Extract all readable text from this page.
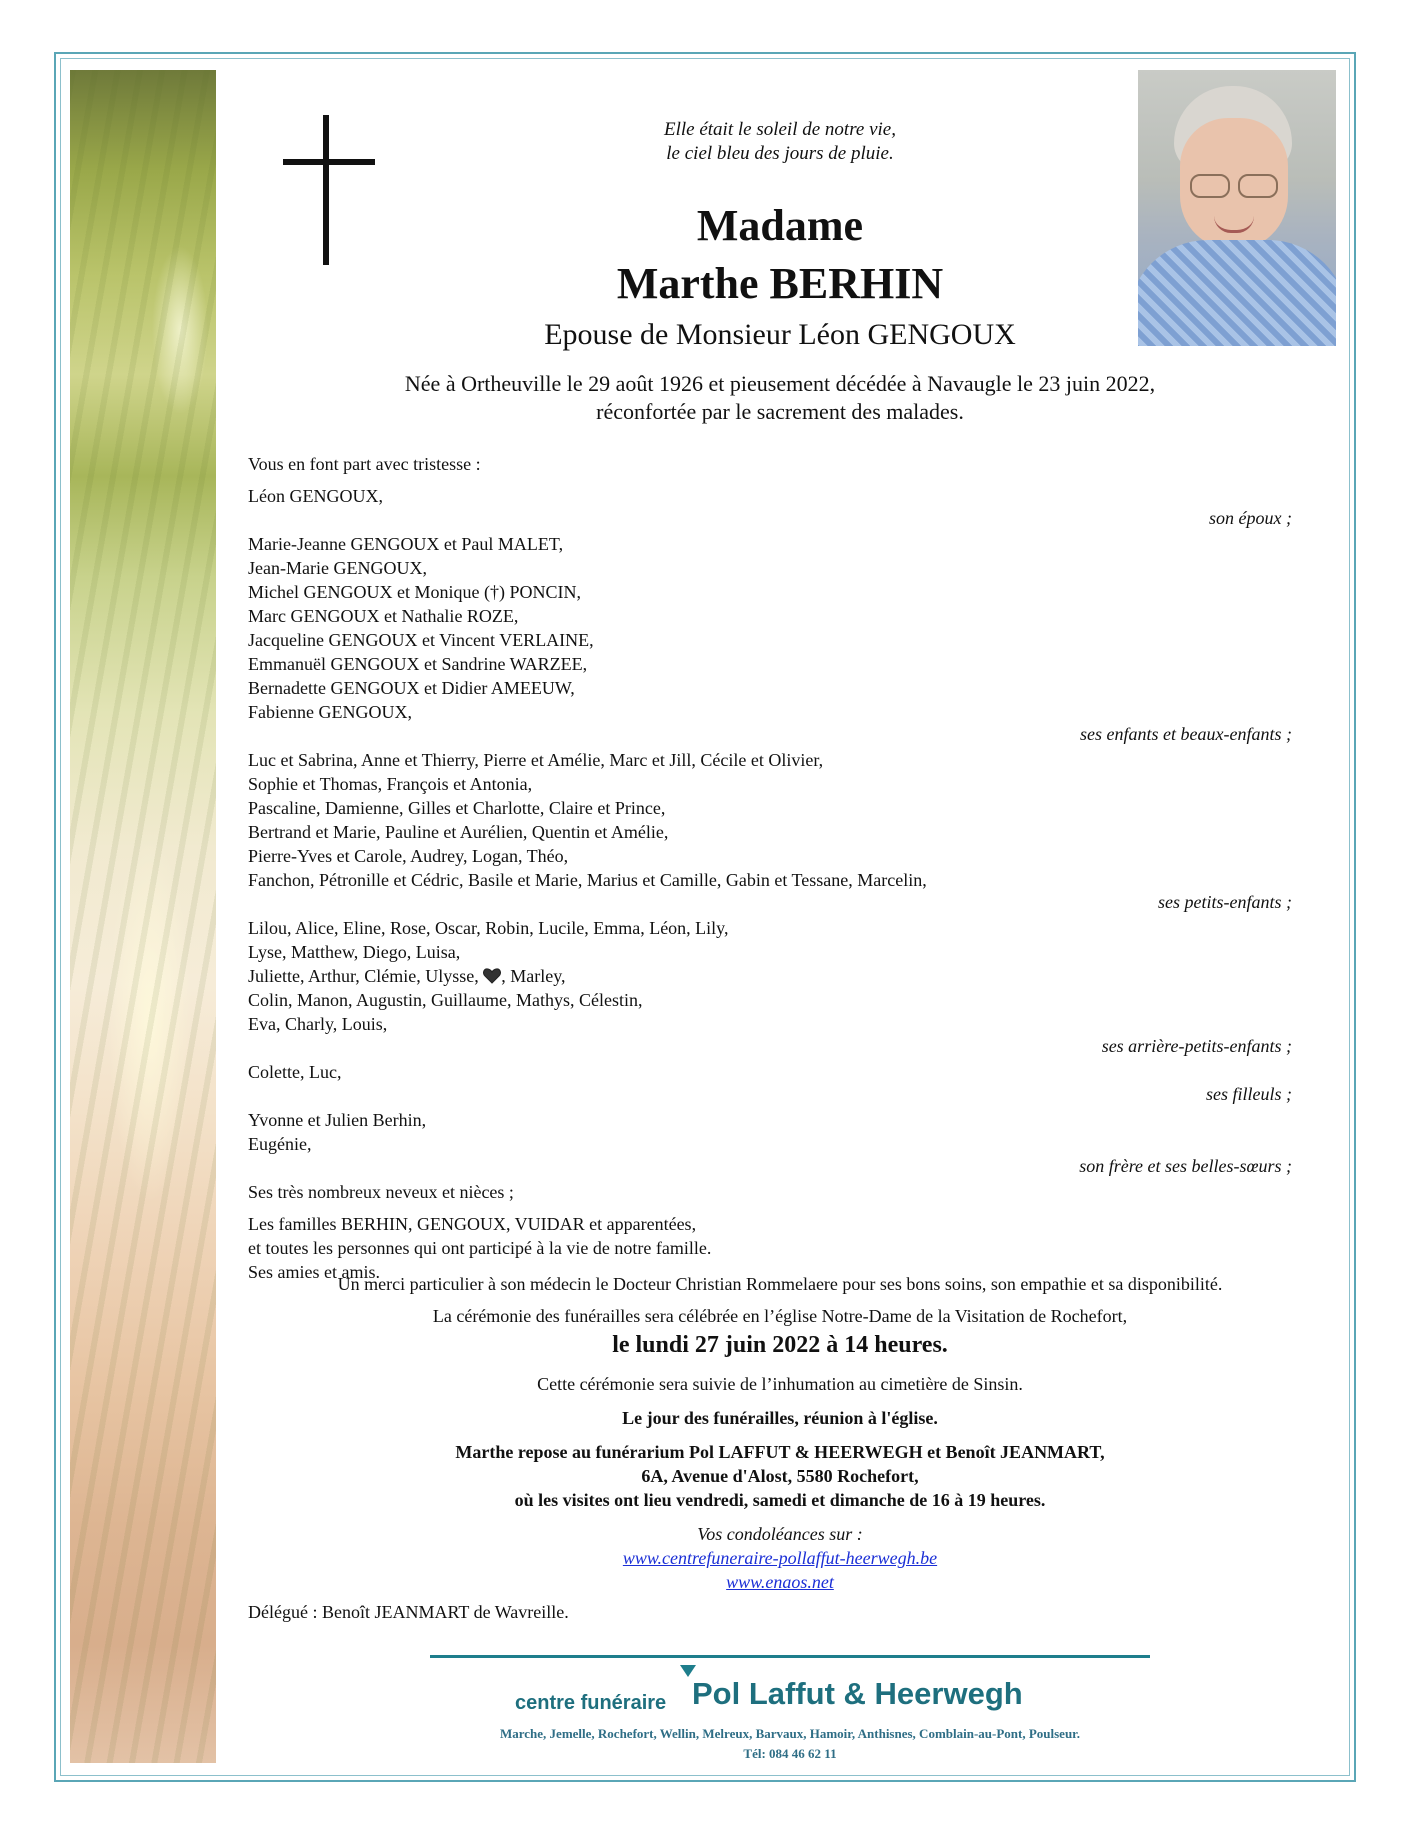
Elle était le soleil de notre vie,
le ciel bleu des jours de pluie.
Madame
Marthe BERHIN
Epouse de Monsieur Léon GENGOUX
Née à Ortheuville le 29 août 1926 et pieusement décédée à Navaugle le 23 juin 2022,
réconfortée par le sacrement des malades.
Vous en font part avec tristesse :
Léon GENGOUX,
son époux ;
Marie-Jeanne GENGOUX et Paul MALET,
Jean-Marie GENGOUX,
Michel GENGOUX et Monique (†) PONCIN,
Marc GENGOUX et Nathalie ROZE,
Jacqueline GENGOUX et Vincent VERLAINE,
Emmanuël GENGOUX et Sandrine WARZEE,
Bernadette GENGOUX et Didier AMEEUW,
Fabienne GENGOUX,
ses enfants et beaux-enfants ;
Luc et Sabrina, Anne et Thierry, Pierre et Amélie, Marc et Jill, Cécile et Olivier,
Sophie et Thomas, François et Antonia,
Pascaline, Damienne, Gilles et Charlotte, Claire et Prince,
Bertrand et Marie, Pauline et Aurélien, Quentin et Amélie,
Pierre-Yves et Carole, Audrey, Logan, Théo,
Fanchon, Pétronille et Cédric, Basile et Marie, Marius et Camille, Gabin et Tessane, Marcelin,
ses petits-enfants ;
Lilou, Alice, Eline, Rose, Oscar, Robin, Lucile, Emma, Léon, Lily,
Lyse, Matthew, Diego, Luisa,
Juliette, Arthur, Clémie, Ulysse, , Marley,
Colin, Manon, Augustin, Guillaume, Mathys, Célestin,
Eva, Charly, Louis,
ses arrière-petits-enfants ;
Colette, Luc,
ses filleuls ;
Yvonne et Julien Berhin,
Eugénie,
son frère et ses belles-sœurs ;
Ses très nombreux neveux et nièces ;
Les familles BERHIN, GENGOUX, VUIDAR et apparentées,
et toutes les personnes qui ont participé à la vie de notre famille.
Ses amies et amis.
Un merci particulier à son médecin le Docteur Christian Rommelaere pour ses bons soins, son empathie et sa disponibilité.
La cérémonie des funérailles sera célébrée en l’église Notre-Dame de la Visitation de Rochefort,
le lundi 27 juin 2022 à 14 heures.
Cette cérémonie sera suivie de l’inhumation au cimetière de Sinsin.
Le jour des funérailles, réunion à l'église.
Marthe repose au funérarium Pol LAFFUT & HEERWEGH et Benoît JEANMART,
6A, Avenue d'Alost, 5580 Rochefort,
où les visites ont lieu vendredi, samedi et dimanche de 16 à 19 heures.
Vos condoléances sur :
www.centrefuneraire-pollaffut-heerwegh.be
www.enaos.net
Délégué : Benoît JEANMART de Wavreille.
centre funéraire Pol Laffut & Heerwegh
Marche, Jemelle, Rochefort, Wellin, Melreux, Barvaux, Hamoir, Anthisnes, Comblain-au-Pont, Poulseur.
Tél: 084 46 62 11
